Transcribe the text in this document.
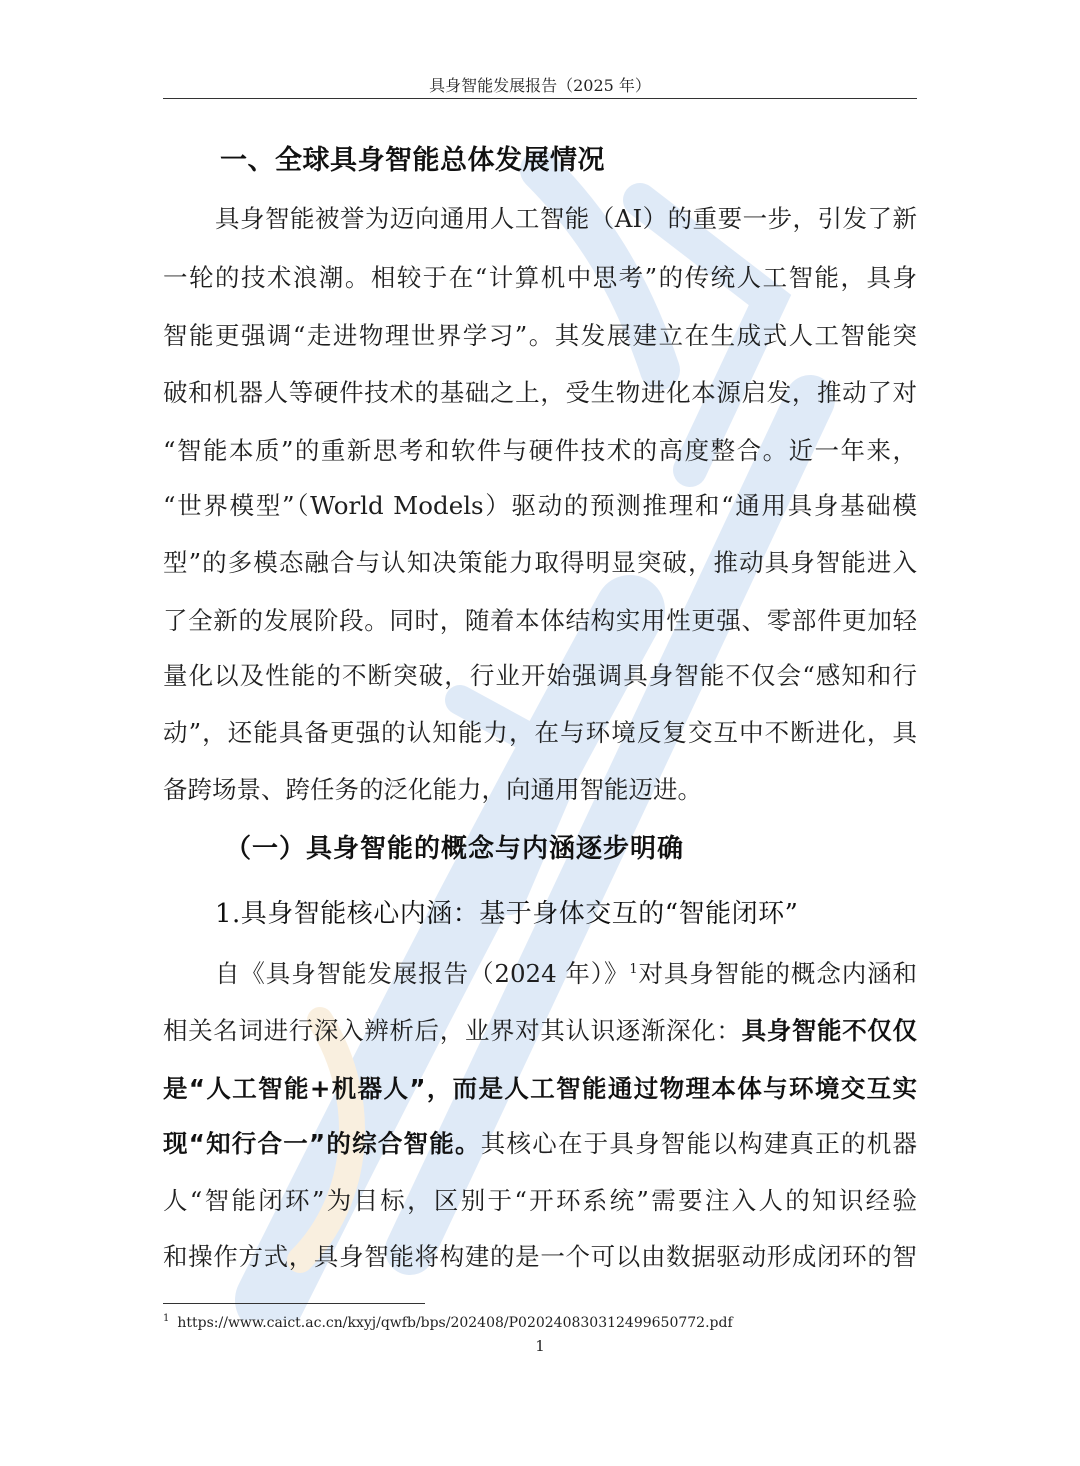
具身智能发展报告（2025 年）
一、全球具身智能总体发展情况
具身智能被誉为迈向通用人工智能（AI）的重要一步，引发了新
一轮的技术浪潮。相较于在“计算机中思考”的传统人工智能，具身
智能更强调“走进物理世界学习”。其发展建立在生成式人工智能突
破和机器人等硬件技术的基础之上，受生物进化本源启发，推动了对
“智能本质”的重新思考和软件与硬件技术的高度整合。近一年来，
“世界模型”（World Models）驱动的预测推理和“通用具身基础模
型”的多模态融合与认知决策能力取得明显突破，推动具身智能进入
了全新的发展阶段。同时，随着本体结构实用性更强、零部件更加轻
量化以及性能的不断突破，行业开始强调具身智能不仅会“感知和行
动”，还能具备更强的认知能力，在与环境反复交互中不断进化，具
备跨场景、跨任务的泛化能力，向通用智能迈进。
（一）具身智能的概念与内涵逐步明确
1.具身智能核心内涵：基于身体交互的“智能闭环”
自《具身智能发展报告（2024 年）》$^1$对具身智能的概念内涵和
相关名词进行深入辨析后，业界对其认识逐渐深化：具身智能不仅仅
是“人工智能+机器人”，而是人工智能通过物理本体与环境交互实
现“知行合一”的综合智能。其核心在于具身智能以构建真正的机器
人“智能闭环”为目标，区别于“开环系统”需要注入人的知识经验
和操作方式，具身智能将构建的是一个可以由数据驱动形成闭环的智
$^1$ https://www.caict.ac.cn/kxyj/qwfb/bps/202408/P020240830312499650772.pdf
1
